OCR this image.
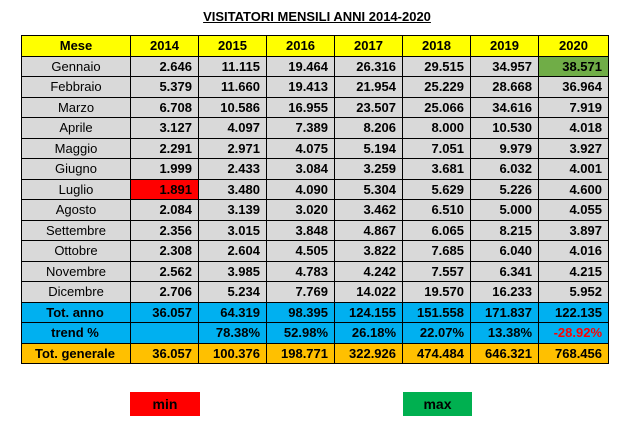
VISITATORI MENSILI ANNI 2014-2020
Mese	2014	2015	2016	2017	2018	2019	2020
Gennaio	2.646	11.115	19.464	26.316	29.515	34.957	38.571
Febbraio	5.379	11.660	19.413	21.954	25.229	28.668	36.964
Marzo	6.708	10.586	16.955	23.507	25.066	34.616	7.919
Aprile	3.127	4.097	7.389	8.206	8.000	10.530	4.018
Maggio	2.291	2.971	4.075	5.194	7.051	9.979	3.927
Giugno	1.999	2.433	3.084	3.259	3.681	6.032	4.001
Luglio	1.891	3.480	4.090	5.304	5.629	5.226	4.600
Agosto	2.084	3.139	3.020	3.462	6.510	5.000	4.055
Settembre	2.356	3.015	3.848	4.867	6.065	8.215	3.897
Ottobre	2.308	2.604	4.505	3.822	7.685	6.040	4.016
Novembre	2.562	3.985	4.783	4.242	7.557	6.341	4.215
Dicembre	2.706	5.234	7.769	14.022	19.570	16.233	5.952
Tot. anno	36.057	64.319	98.395	124.155	151.558	171.837	122.135
trend %		78.38%	52.98%	26.18%	22.07%	13.38%	-28.92%
Tot. generale	36.057	100.376	198.771	322.926	474.484	646.321	768.456
min	max
